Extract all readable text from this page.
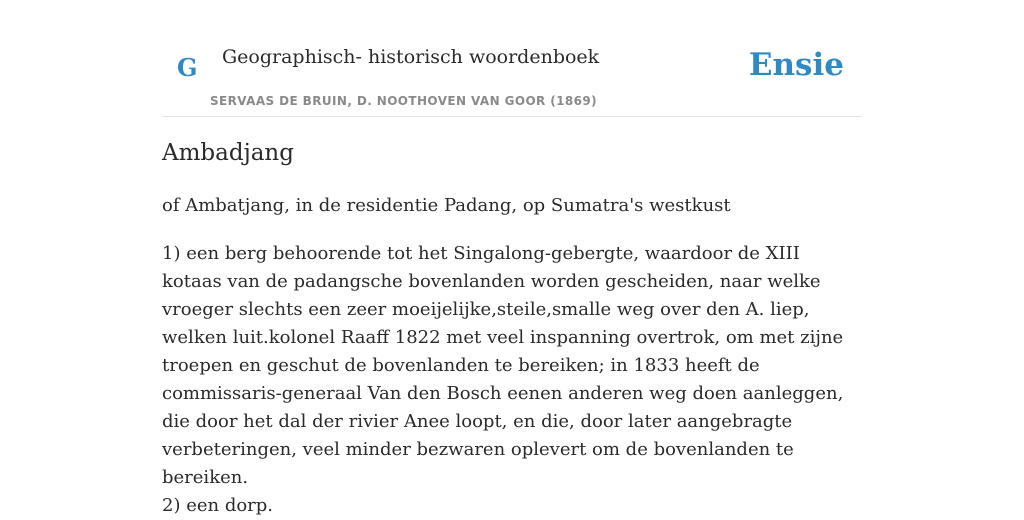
G Geographisch- historisch woordenboek
SERVAAS DE BRUIN, D. NOOTHOVEN VAN GOOR (1869)
Ensie
Ambadjang

of Ambatjang, in de residentie Padang, op Sumatra's westkust

1) een berg behoorende tot het Singalong-gebergte, waardoor de XIII kotaas van de padangsche bovenlanden worden gescheiden, naar welke vroeger slechts een zeer moeijelijke,steile,smalle weg over den A. liep, welken luit.kolonel Raaff 1822 met veel inspanning overtrok, om met zijne troepen en geschut de bovenlanden te bereiken; in 1833 heeft de commissaris-generaal Van den Bosch eenen anderen weg doen aanleggen, die door het dal der rivier Anee loopt, en die, door later aangebragte verbeteringen, veel minder bezwaren oplevert om de bovenlanden te bereiken.
2) een dorp.
